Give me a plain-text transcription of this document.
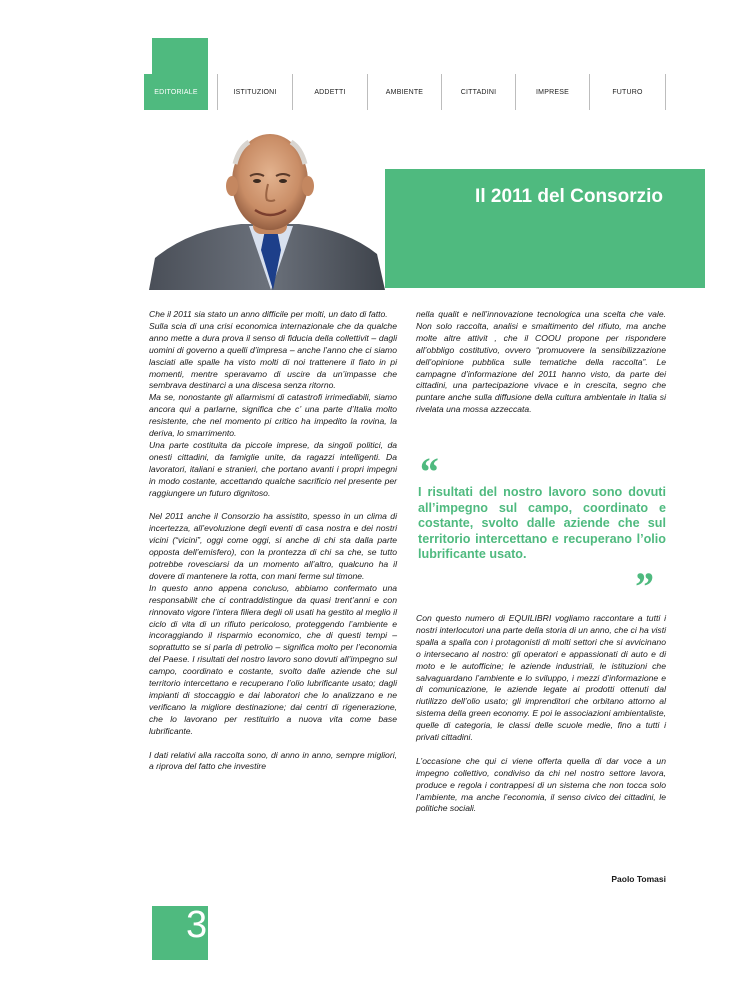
EDITORIALE	ISTITUZIONI	ADDETTI	AMBIENTE	CITTADINI	IMPRESE	FUTURO
Il 2011 del Consorzio

Che il 2011 sia stato un anno difficile per molti, un dato di fatto.

Sulla scia di una crisi economica internazionale che da qualche anno mette a dura prova il senso di fiducia della collettivit – dagli uomini di governo a quelli d’impresa – anche l’anno che ci siamo lasciati alle spalle ha visto molti di noi trattenere il fiato in pi momenti, mentre speravamo di uscire da un’impasse che sembrava destinarci a una discesa senza ritorno.

Ma se, nonostante gli allarmismi di catastrofi irrimediabili, siamo ancora qui a parlarne, significa che c’ una parte d’Italia molto resistente, che nel momento pi critico ha impedito la rovina, la deriva, lo smarrimento.

Una parte costituita da piccole imprese, da singoli politici, da onesti cittadini, da famiglie unite, da ragazzi intelligenti. Da lavoratori, italiani e stranieri, che portano avanti i propri impegni in modo costante, accettando qualche sacrificio nel presente per raggiungere un futuro dignitoso.

Nel 2011 anche il Consorzio ha assistito, spesso in un clima di incertezza, all’evoluzione degli eventi di casa nostra e dei nostri vicini (“vicini”, oggi come oggi, si anche di chi sta dalla parte opposta dell’emisfero), con la prontezza di chi sa che, se tutto potrebbe rovesciarsi da un momento all’altro, qualcuno ha il dovere di mantenere la rotta, con mani ferme sul timone.

In questo anno appena concluso, abbiamo confermato una responsabilit che ci contraddistingue da quasi trent’anni e con rinnovato vigore l’intera filiera degli oli usati ha gestito al meglio il ciclo di vita di un rifiuto pericoloso, proteggendo l’ambiente e incoraggiando il risparmio economico, che di questi tempi – soprattutto se si parla di petrolio – significa molto per l’economia del Paese. I risultati del nostro lavoro sono dovuti all’impegno sul campo, coordinato e costante, svolto dalle aziende che sul territorio intercettano e recuperano l’olio lubrificante usato; dagli impianti di stoccaggio e dai laboratori che lo analizzano e ne verificano la migliore destinazione; dai centri di rigenerazione, che lo lavorano per restituirlo a nuova vita come base lubrificante.

I dati relativi alla raccolta sono, di anno in anno, sempre migliori, a riprova del fatto che investire

nella qualit e nell’innovazione tecnologica una scelta che vale. Non solo raccolta, analisi e smaltimento del rifiuto, ma anche molte altre attivit , che il COOU propone per rispondere all’obbligo costitutivo, ovvero “promuovere la sensibilizzazione dell’opinione pubblica sulle tematiche della raccolta”. Le campagne d’informazione del 2011 hanno visto, da parte dei cittadini, una partecipazione vivace e in crescita, segno che puntare anche sulla diffusione della cultura ambientale in Italia si rivelata una mossa azzeccata.

“
I risultati del nostro lavoro sono dovuti all’impegno sul campo, coordinato e costante, svolto dalle aziende che sul territorio intercettano e recuperano l’olio lubrificante usato.
”

Con questo numero di EQUILIBRI vogliamo raccontare a tutti i nostri interlocutori una parte della storia di un anno, che ci ha visti spalla a spalla con i protagonisti di molti settori che si avvicinano o intersecano al nostro: gli operatori e appassionati di auto e di moto e le autofficine; le aziende industriali, le istituzioni che salvaguardano l’ambiente e lo sviluppo, i mezzi d’informazione e di comunicazione, le aziende legate ai prodotti ottenuti dal riutilizzo dell’olio usato; gli imprenditori che orbitano attorno al sistema della green economy. E poi le associazioni ambientaliste, quelle di categoria, le classi delle scuole medie, fino a tutti i privati cittadini.

L’occasione che qui ci viene offerta quella di dar voce a un impegno collettivo, condiviso da chi nel nostro settore lavora, produce e regola i contrappesi di un sistema che non tocca solo l’ambiente, ma anche l’economia, il senso civico dei cittadini, le politiche sociali.

Paolo Tomasi
3
